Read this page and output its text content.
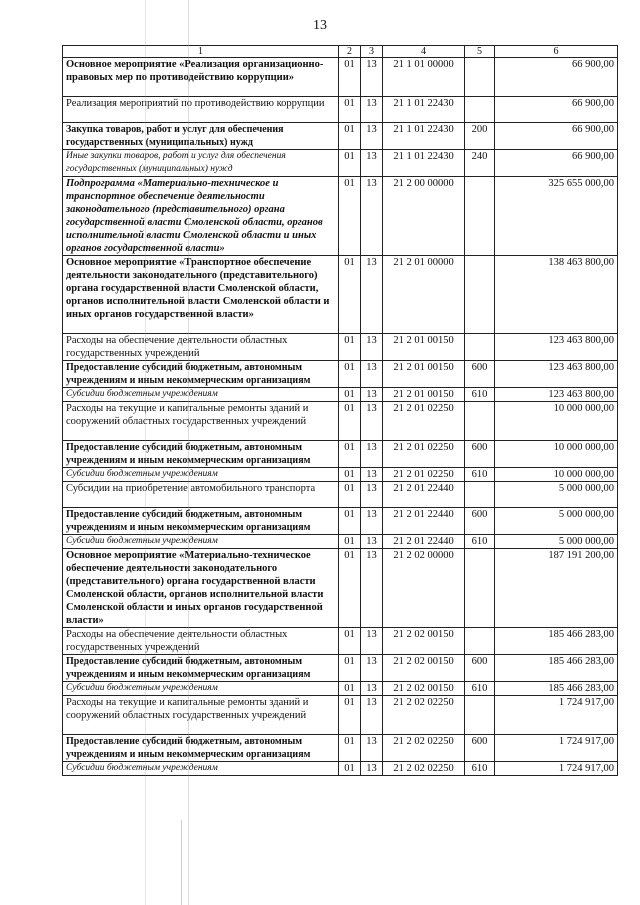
13
1	2	3	4	5	6
Основное мероприятие «Реализация организационно-правовых мер по противодействию коррупции»	01	13	21 1 01 00000		66 900,00
Реализация мероприятий по противодействию коррупции	01	13	21 1 01 22430		66 900,00
Закупка товаров, работ и услуг для обеспечения государственных (муниципальных) нужд	01	13	21 1 01 22430	200	66 900,00
Иные закупки товаров, работ и услуг для обеспечения государственных (муниципальных) нужд	01	13	21 1 01 22430	240	66 900,00
Подпрограмма «Материально-техническое и транспортное обеспечение деятельности законодательного (представительного) органа государственной власти Смоленской области, органов исполнительной власти Смоленской области и иных органов государственной власти»	01	13	21 2 00 00000		325 655 000,00
Основное мероприятие «Транспортное обеспечение деятельности законодательного (представительного) органа государственной власти Смоленской области, органов исполнительной власти Смоленской области и иных органов государственной власти»	01	13	21 2 01 00000		138 463 800,00
Расходы на обеспечение деятельности областных государственных учреждений	01	13	21 2 01 00150		123 463 800,00
Предоставление субсидий бюджетным, автономным учреждениям и иным некоммерческим организациям	01	13	21 2 01 00150	600	123 463 800,00
Субсидии бюджетным учреждениям	01	13	21 2 01 00150	610	123 463 800,00
Расходы на текущие и капитальные ремонты зданий и сооружений областных государственных учреждений	01	13	21 2 01 02250		10 000 000,00
Предоставление субсидий бюджетным, автономным учреждениям и иным некоммерческим организациям	01	13	21 2 01 02250	600	10 000 000,00
Субсидии бюджетным учреждениям	01	13	21 2 01 02250	610	10 000 000,00
Субсидии на приобретение автомобильного транспорта	01	13	21 2 01 22440		5 000 000,00
Предоставление субсидий бюджетным, автономным учреждениям и иным некоммерческим организациям	01	13	21 2 01 22440	600	5 000 000,00
Субсидии бюджетным учреждениям	01	13	21 2 01 22440	610	5 000 000,00
Основное мероприятие «Материально-техническое обеспечение деятельности законодательного (представительного) органа государственной власти Смоленской области, органов исполнительной власти Смоленской области и иных органов государственной власти»	01	13	21 2 02 00000		187 191 200,00
Расходы на обеспечение деятельности областных государственных учреждений	01	13	21 2 02 00150		185 466 283,00
Предоставление субсидий бюджетным, автономным учреждениям и иным некоммерческим организациям	01	13	21 2 02 00150	600	185 466 283,00
Субсидии бюджетным учреждениям	01	13	21 2 02 00150	610	185 466 283,00
Расходы на текущие и капитальные ремонты зданий и сооружений областных государственных учреждений	01	13	21 2 02 02250		1 724 917,00
Предоставление субсидий бюджетным, автономным учреждениям и иным некоммерческим организациям	01	13	21 2 02 02250	600	1 724 917,00
Субсидии бюджетным учреждениям	01	13	21 2 02 02250	610	1 724 917,00
